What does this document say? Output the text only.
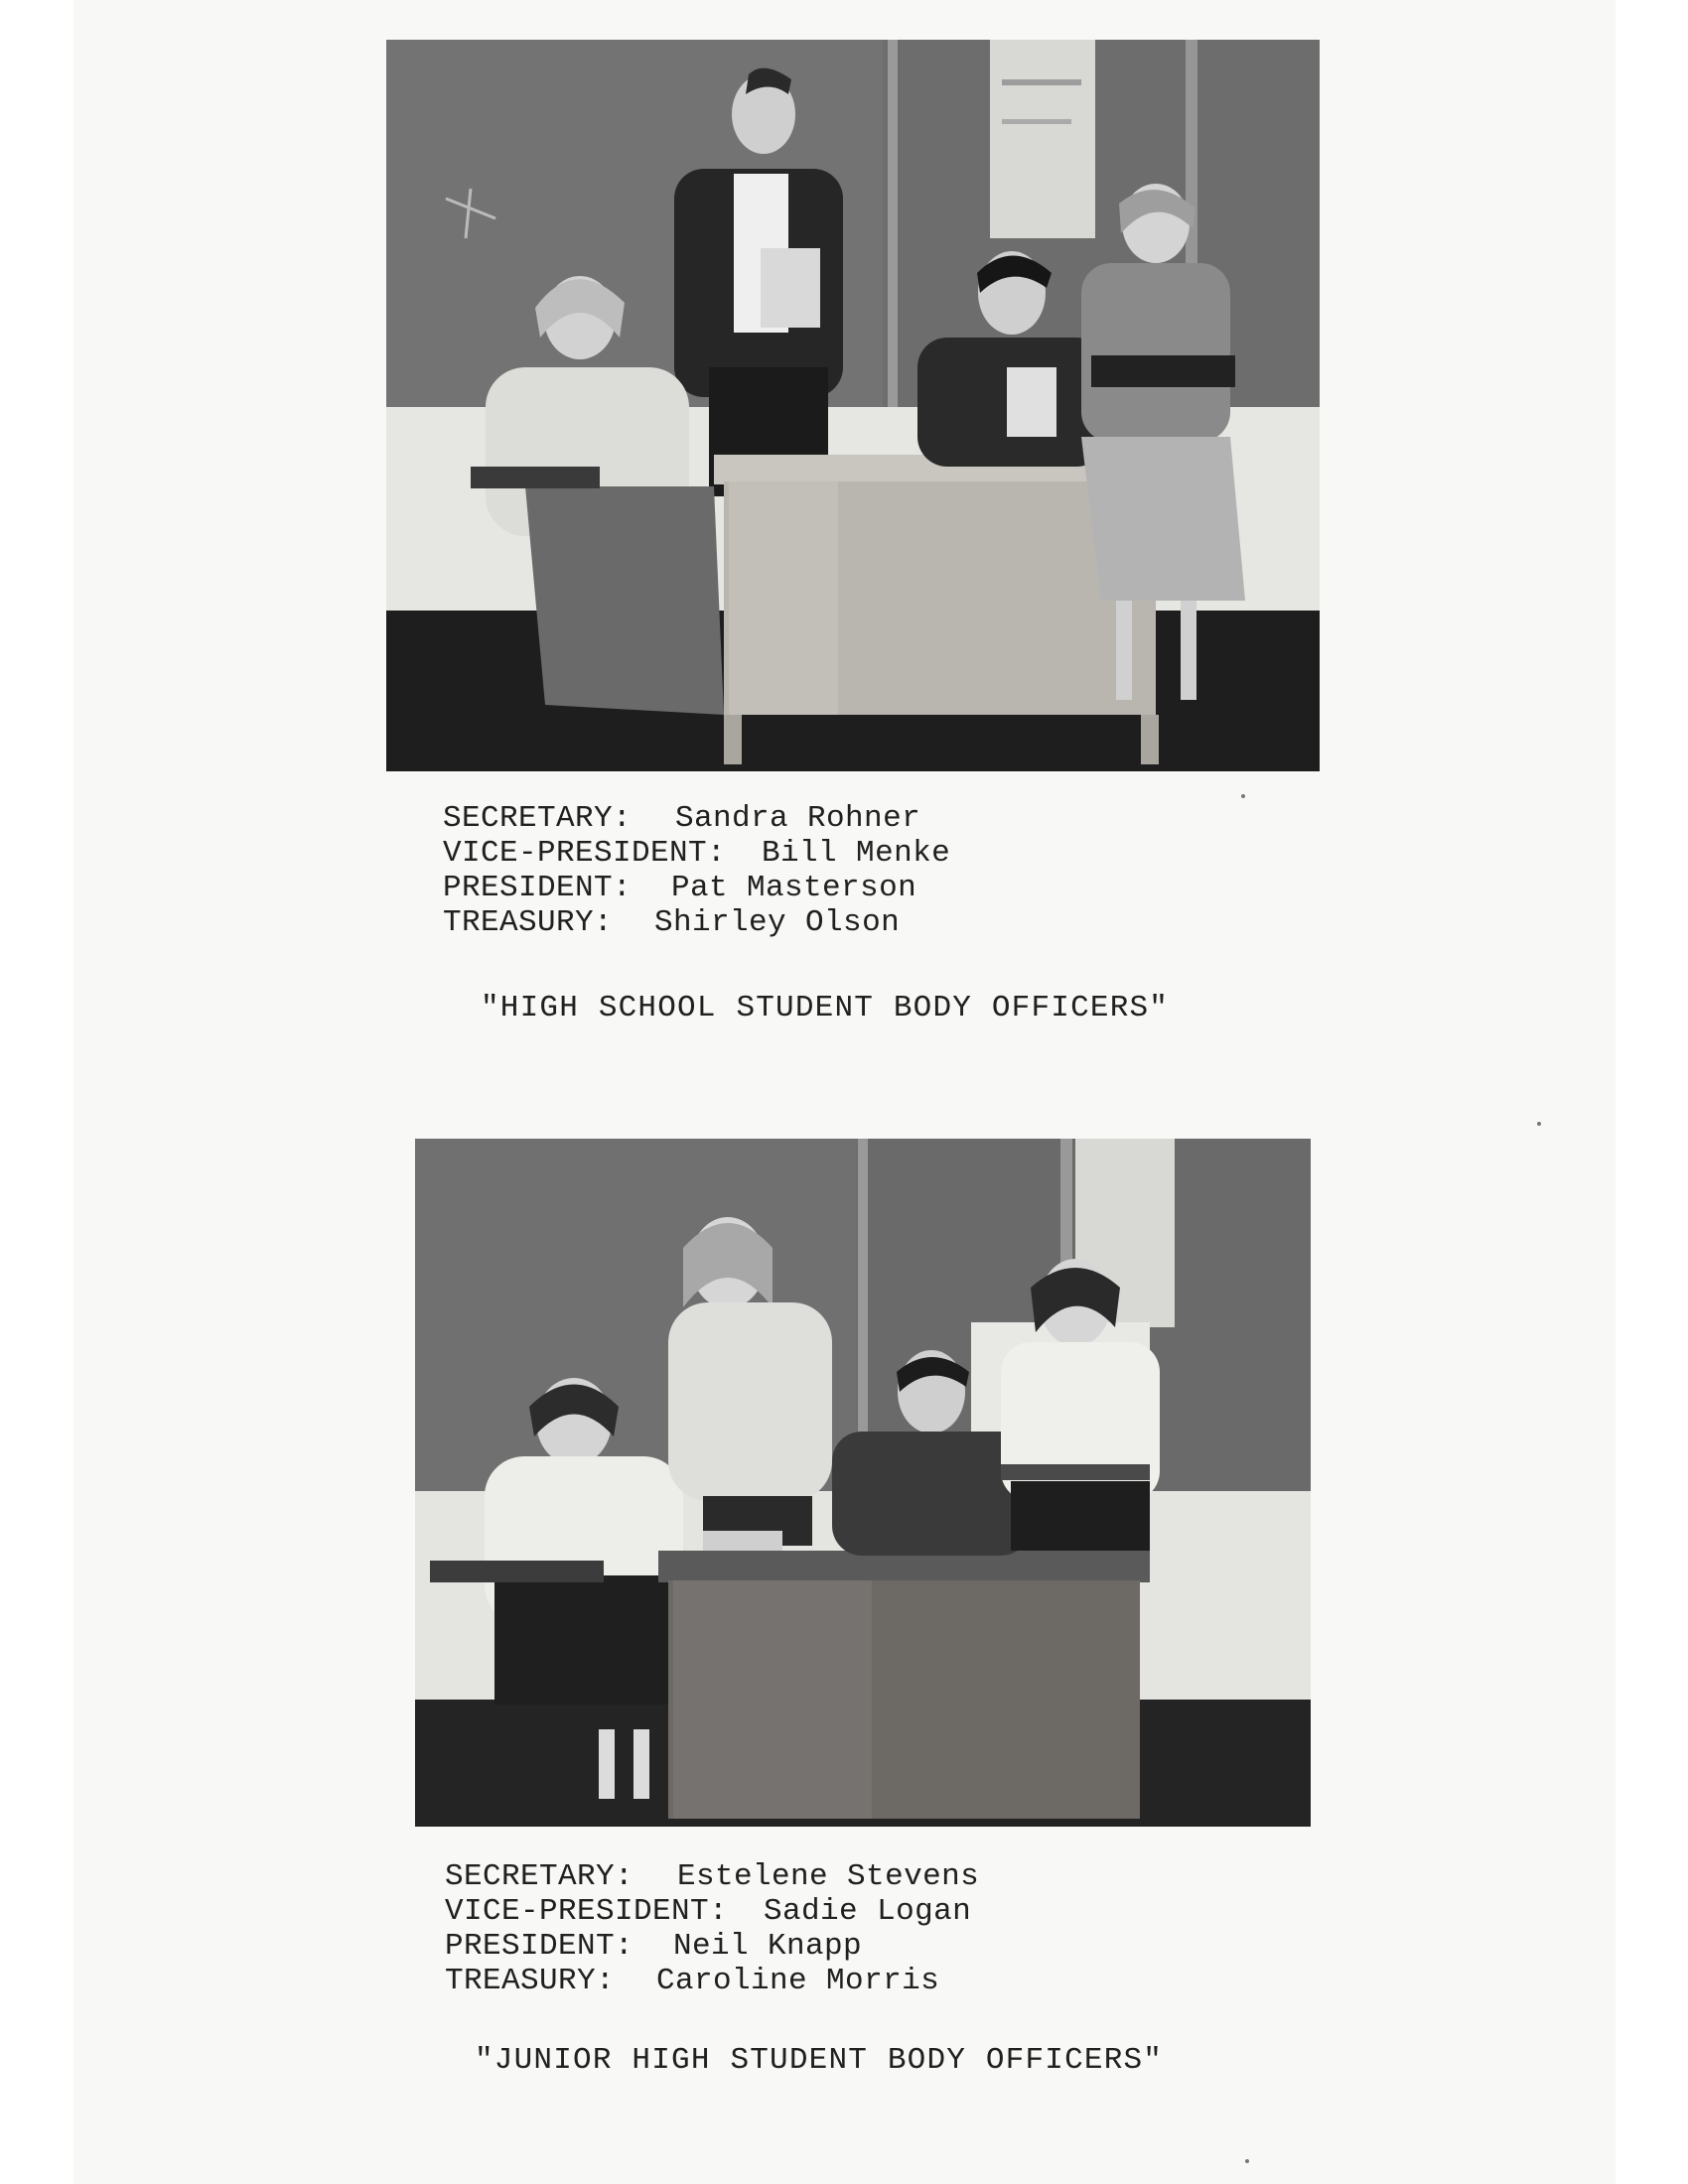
SECRETARY: Sandra Rohner
VICE-PRESIDENT: Bill Menke
PRESIDENT: Pat Masterson
TREASURY: Shirley Olson
"HIGH SCHOOL STUDENT BODY OFFICERS"
SECRETARY: Estelene Stevens
VICE-PRESIDENT: Sadie Logan
PRESIDENT: Neil Knapp
TREASURY: Caroline Morris
"JUNIOR HIGH STUDENT BODY OFFICERS"
